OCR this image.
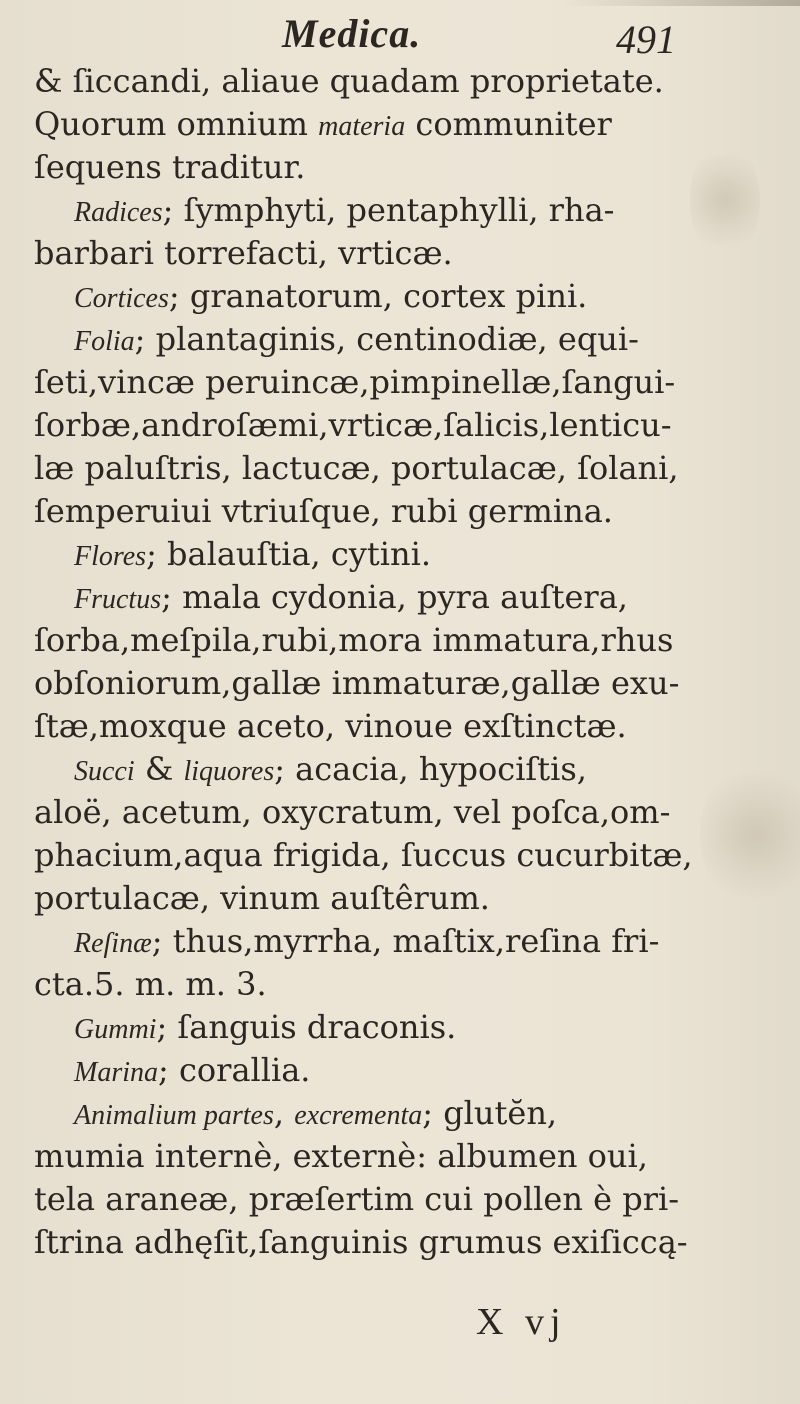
Medica.	491
& ſiccandi, aliaue quadam proprietate.
Quorum omnium materia communiter
ſequens traditur.
Radices; ſymphyti, pentaphylli, rha-
barbari torrefacti, vrticæ.
Cortices; granatorum, cortex pini.
Folia; plantaginis, centinodiæ, equi-
ſeti,vincæ peruincæ,pimpinellæ,ſangui-
ſorbæ,androſæmi,vrticæ,ſalicis,lenticu-
læ paluſtris, lactucæ, portulacæ, ſolani,
ſemperuiui vtriuſque, rubi germina.
Flores; balauſtia, cytini.
Fructus; mala cydonia, pyra auſtera,
ſorba,meſpila,rubi,mora immatura,rhus
obſoniorum,gallæ immaturæ,gallæ exu-
ſtæ,moxque aceto, vinoue exſtinctæ.
Succi & liquores; acacia, hypociſtis,
aloë, acetum, oxycratum, vel poſca,om-
phacium,aqua frigida, ſuccus cucurbitæ,
portulacæ, vinum auſtêrum.
Reſinæ; thus,myrrha, maſtix,reſina fri-
cta.5. m. m. 3.
Gummi; ſanguis draconis.
Marina; corallia.
Animalium partes, excrementa; glutĕn,
mumia internè, externè: albumen oui,
tela araneæ, præſertim cui pollen è pri-
ſtrina adhęſit,ſanguinis grumus exiſiccą-
X vj
